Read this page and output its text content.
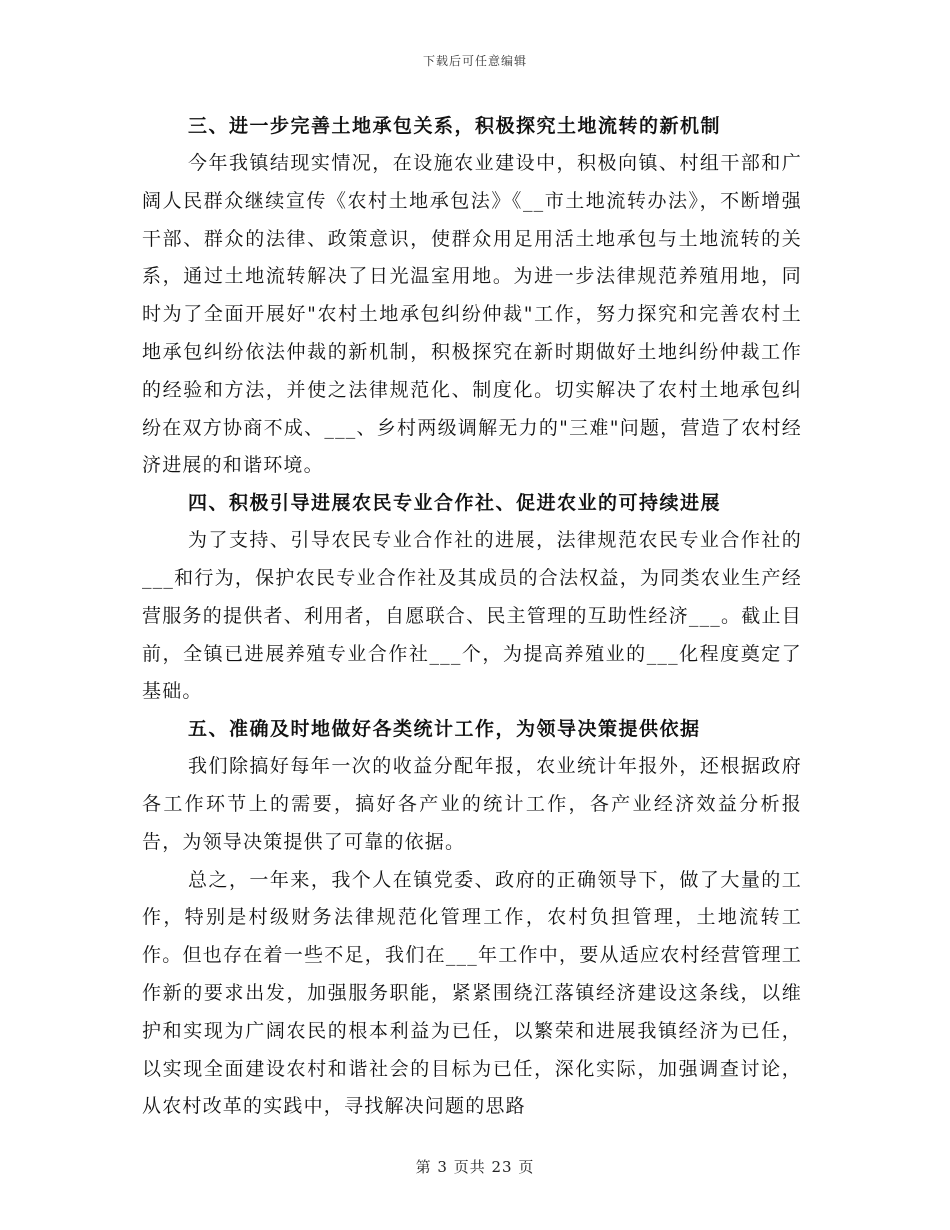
下载后可任意编辑
三、进一步完善土地承包关系，积极探究土地流转的新机制

今年我镇结现实情况，在设施农业建设中，积极向镇、村组干部和广阔人民群众继续宣传《农村土地承包法》《__市土地流转办法》，不断增强干部、群众的法律、政策意识，使群众用足用活土地承包与土地流转的关系，通过土地流转解决了日光温室用地。为进一步法律规范养殖用地，同时为了全面开展好"农村土地承包纠纷仲裁"工作，努力探究和完善农村土地承包纠纷依法仲裁的新机制，积极探究在新时期做好土地纠纷仲裁工作的经验和方法，并使之法律规范化、制度化。切实解决了农村土地承包纠纷在双方协商不成、___、乡村两级调解无力的"三难"问题，营造了农村经济进展的和谐环境。

四、积极引导进展农民专业合作社、促进农业的可持续进展

为了支持、引导农民专业合作社的进展，法律规范农民专业合作社的___和行为，保护农民专业合作社及其成员的合法权益，为同类农业生产经营服务的提供者、利用者，自愿联合、民主管理的互助性经济___。截止目前，全镇已进展养殖专业合作社___个，为提高养殖业的___化程度奠定了基础。

五、准确及时地做好各类统计工作，为领导决策提供依据

我们除搞好每年一次的收益分配年报，农业统计年报外，还根据政府各工作环节上的需要，搞好各产业的统计工作，各产业经济效益分析报告，为领导决策提供了可靠的依据。

总之，一年来，我个人在镇党委、政府的正确领导下，做了大量的工作，特别是村级财务法律规范化管理工作，农村负担管理，土地流转工作。但也存在着一些不足，我们在___年工作中，要从适应农村经营管理工作新的要求出发，加强服务职能，紧紧围绕江落镇经济建设这条线，以维护和实现为广阔农民的根本利益为已任，以繁荣和进展我镇经济为已任，以实现全面建设农村和谐社会的目标为已任，深化实际，加强调查讨论，从农村改革的实践中，寻找解决问题的思路

第 3 页共 23 页
